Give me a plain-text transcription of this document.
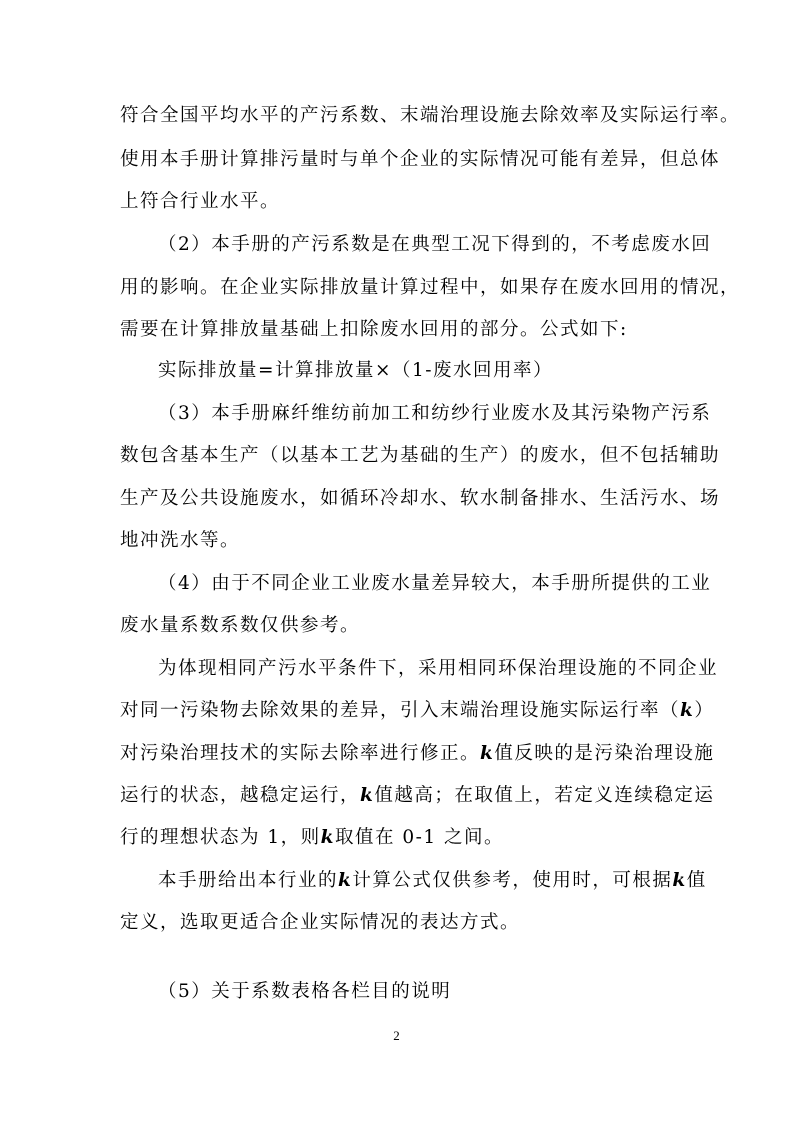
符合全国平均水平的产污系数、末端治理设施去除效率及实际运行率。
使用本手册计算排污量时与单个企业的实际情况可能有差异，但总体
上符合行业水平。
（2）本手册的产污系数是在典型工况下得到的，不考虑废水回
用的影响。在企业实际排放量计算过程中，如果存在废水回用的情况，
需要在计算排放量基础上扣除废水回用的部分。公式如下:
实际排放量=计算排放量×（1-废水回用率）
（3）本手册麻纤维纺前加工和纺纱行业废水及其污染物产污系
数包含基本生产（以基本工艺为基础的生产）的废水，但不包括辅助
生产及公共设施废水，如循环冷却水、软水制备排水、生活污水、场
地冲洗水等。
（4）由于不同企业工业废水量差异较大，本手册所提供的工业
废水量系数系数仅供参考。
为体现相同产污水平条件下，采用相同环保治理设施的不同企业
对同一污染物去除效果的差异，引入末端治理设施实际运行率（k）
对污染治理技术的实际去除率进行修正。k值反映的是污染治理设施
运行的状态，越稳定运行，k值越高；在取值上，若定义连续稳定运
行的理想状态为 1，则k取值在 0-1 之间。
本手册给出本行业的k计算公式仅供参考，使用时，可根据k值
定义，选取更适合企业实际情况的表达方式。
（5）关于系数表格各栏目的说明
2
